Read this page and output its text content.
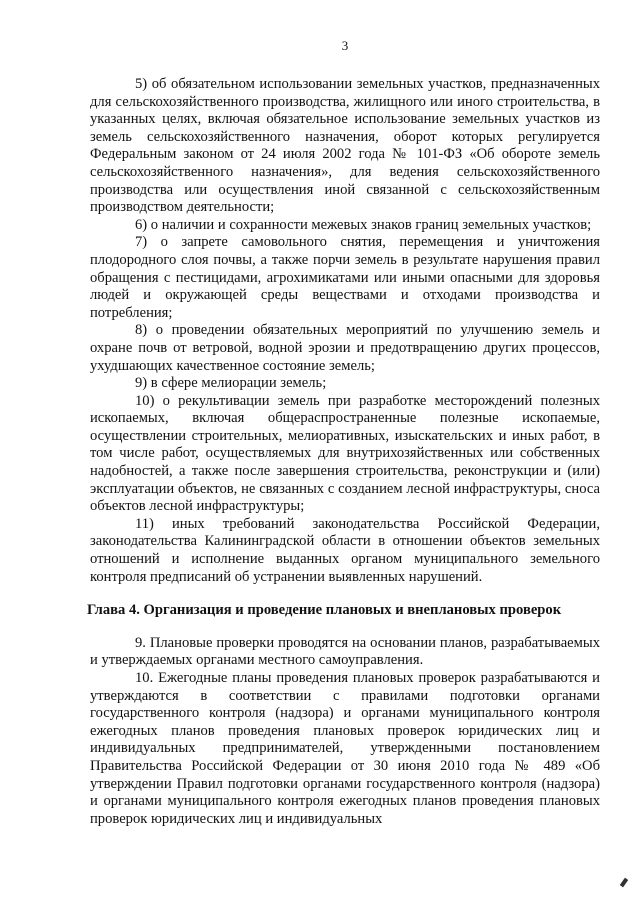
3

5) об обязательном использовании земельных участков, предназначенных для сельскохозяйственного производства, жилищного или иного строительства, в указанных целях, включая обязательное использование земельных участков из земель сельскохозяйственного назначения, оборот которых регулируется Федеральным законом от 24 июля 2002 года № 101-ФЗ «Об обороте земель сельскохозяйственного назначения», для ведения сельскохозяйственного производства или осуществления иной связанной с сельскохозяйственным производством деятельности;

6) о наличии и сохранности межевых знаков границ земельных участков;

7) о запрете самовольного снятия, перемещения и уничтожения плодородного слоя почвы, а также порчи земель в результате нарушения правил обращения с пестицидами, агрохимикатами или иными опасными для здоровья людей и окружающей среды веществами и отходами производства и потребления;

8) о проведении обязательных мероприятий по улучшению земель и охране почв от ветровой, водной эрозии и предотвращению других процессов, ухудшающих качественное состояние земель;

9) в сфере мелиорации земель;

10) о рекультивации земель при разработке месторождений полезных ископаемых, включая общераспространенные полезные ископаемые, осуществлении строительных, мелиоративных, изыскательских и иных работ, в том числе работ, осуществляемых для внутрихозяйственных или собственных надобностей, а также после завершения строительства, реконструкции и (или) эксплуатации объектов, не связанных с созданием лесной инфраструктуры, сноса объектов лесной инфраструктуры;

11) иных требований законодательства Российской Федерации, законодательства Калининградской области в отношении объектов земельных отношений и исполнение выданных органом муниципального земельного контроля предписаний об устранении выявленных нарушений.

Глава 4. Организация и проведение плановых и внеплановых проверок

9. Плановые проверки проводятся на основании планов, разрабатываемых и утверждаемых органами местного самоуправления.

10. Ежегодные планы проведения плановых проверок разрабатываются и утверждаются в соответствии с правилами подготовки органами государственного контроля (надзора) и органами муниципального контроля ежегодных планов проведения плановых проверок юридических лиц и индивидуальных предпринимателей, утвержденными постановлением Правительства Российской Федерации от 30 июня 2010 года № 489 «Об утверждении Правил подготовки органами государственного контроля (надзора) и органами муниципального контроля ежегодных планов проведения плановых проверок юридических лиц и индивидуальных
